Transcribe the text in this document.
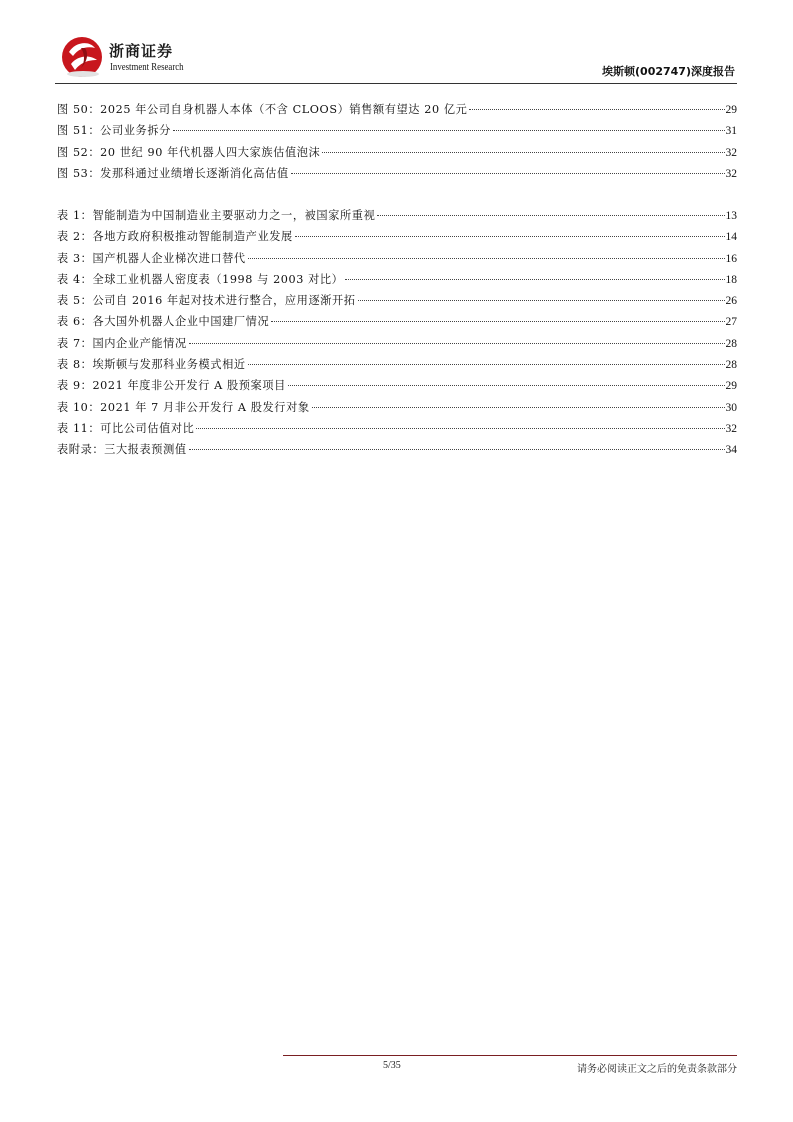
浙商证券
Investment Research	埃斯顿(002747)深度报告
图 50：2025 年公司自身机器人本体（不含 CLOOS）销售额有望达 20 亿元	29
图 51：公司业务拆分	31
图 52：20 世纪 90 年代机器人四大家族估值泡沫	32
图 53：发那科通过业绩增长逐渐消化高估值	32
表 1：智能制造为中国制造业主要驱动力之一，被国家所重视	13
表 2：各地方政府积极推动智能制造产业发展	14
表 3：国产机器人企业梯次进口替代	16
表 4：全球工业机器人密度表（1998 与 2003 对比）	18
表 5：公司自 2016 年起对技术进行整合，应用逐渐开拓	26
表 6：各大国外机器人企业中国建厂情况	27
表 7：国内企业产能情况	28
表 8：埃斯顿与发那科业务模式相近	28
表 9：2021 年度非公开发行 A 股预案项目	29
表 10：2021 年 7 月非公开发行 A 股发行对象	30
表 11：可比公司估值对比	32
表附录：三大报表预测值	34
5/35	请务必阅读正文之后的免责条款部分
